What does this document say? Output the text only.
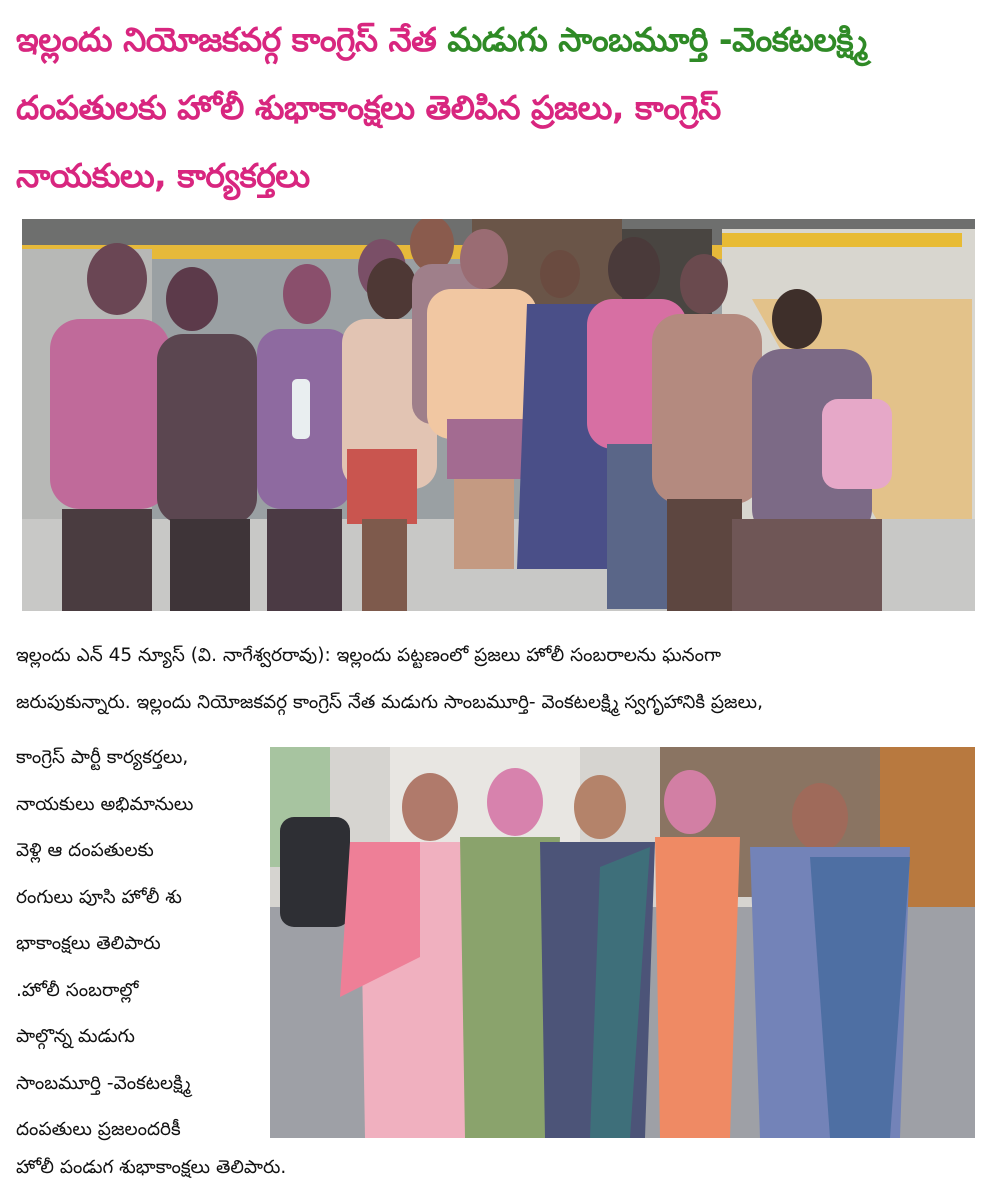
ఇల్లందు నియోజకవర్గ కాంగ్రెస్ నేత మడుగు సాంబమూర్తి -వెంకటలక్ష్మి
దంపతులకు హోలీ శుభాకాంక్షలు తెలిపిన ప్రజలు, కాంగ్రెస్
నాయకులు, కార్యకర్తలు
ఇల్లందు ఎన్ 45 న్యూస్ (వి. నాగేశ్వరరావు): ఇల్లందు పట్టణంలో ప్రజలు హోలీ సంబరాలను ఘనంగా
జరుపుకున్నారు. ఇల్లందు నియోజకవర్గ కాంగ్రెస్ నేత మడుగు సాంబమూర్తి- వెంకటలక్ష్మి స్వగృహానికి ప్రజలు,
కాంగ్రెస్ పార్టీ కార్యకర్తలు,
నాయకులు అభిమానులు
వెళ్లి ఆ దంపతులకు
రంగులు పూసి హోలీ శు
భాకాంక్షలు తెలిపారు
.హోలీ సంబరాల్లో
పాల్గొన్న మడుగు
సాంబమూర్తి -వెంకటలక్ష్మి
దంపతులు ప్రజలందరికీ
హోలీ పండుగ శుభాకాంక్షలు తెలిపారు.
